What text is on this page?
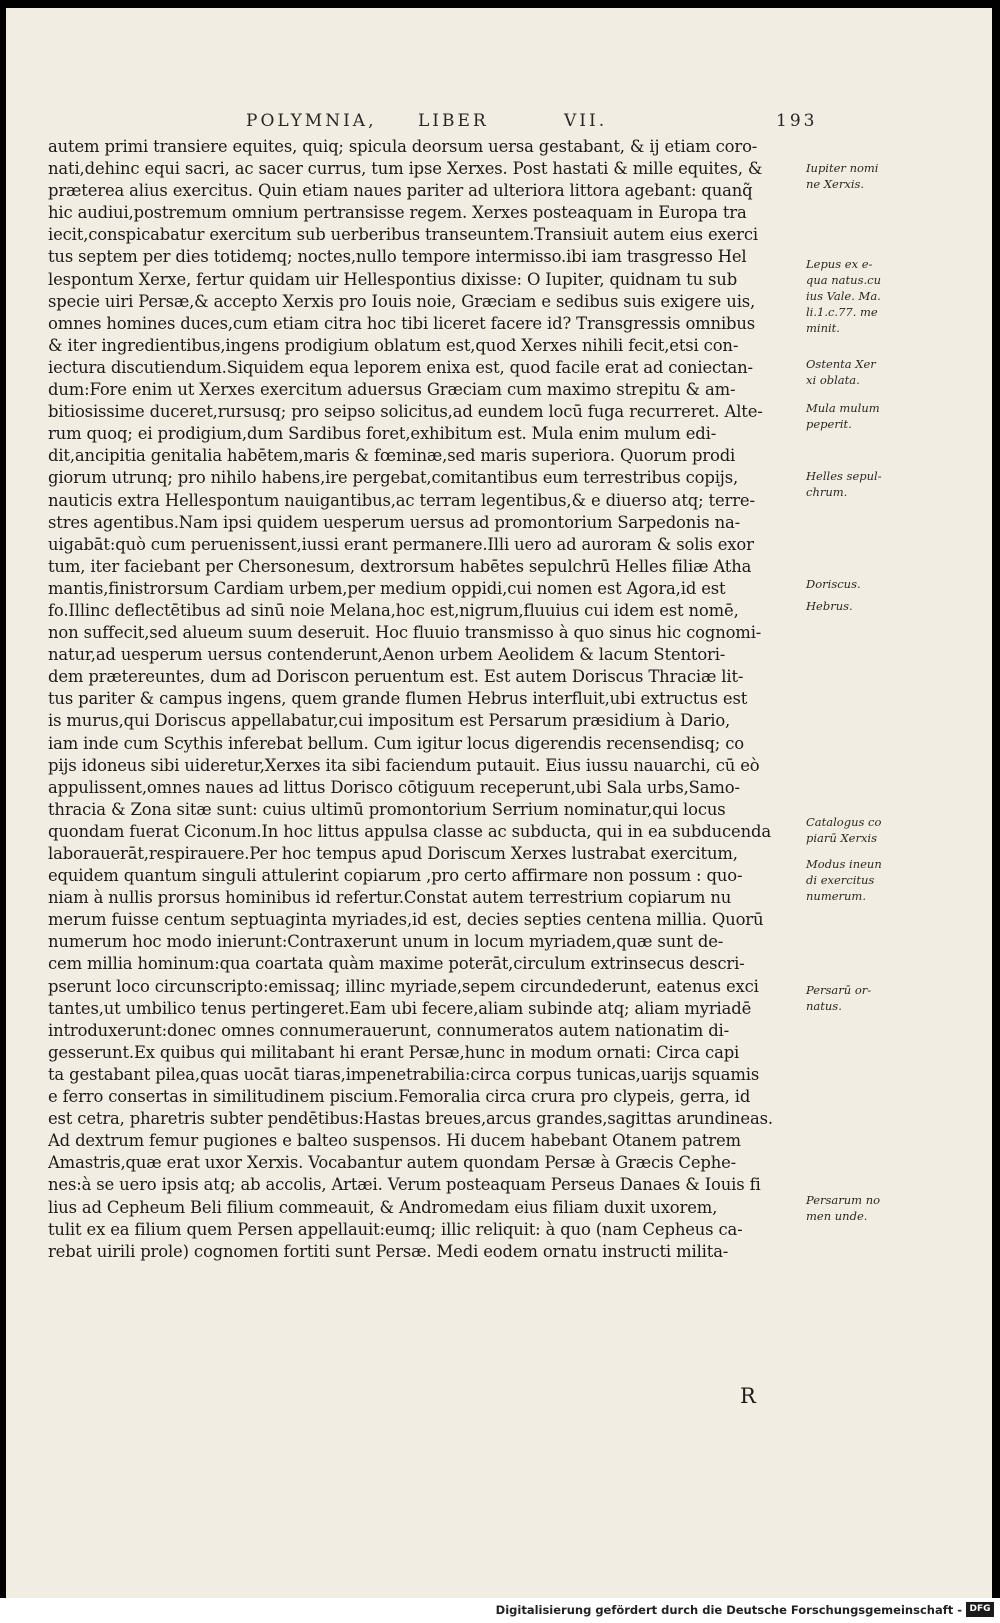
POLYMNIA, LIBER	VII.	193
autem primi transiere equites, quiq; spicula deorsum uersa gestabant, & ij etiam coro-
nati,dehinc equi sacri, ac sacer currus, tum ipse Xerxes. Post hastati & mille equites, &
præterea alius exercitus. Quin etiam naues pariter ad ulteriora littora agebant: quanq̃
hic audiui,postremum omnium pertransisse regem. Xerxes posteaquam in Europa tra
iecit,conspicabatur exercitum sub uerberibus transeuntem.Transiuit autem eius exerci
tus septem per dies totidemq; noctes,nullo tempore intermisso.ibi iam trasgresso Hel
lespontum Xerxe, fertur quidam uir Hellespontius dixisse: O Iupiter, quidnam tu sub
specie uiri Persæ,& accepto Xerxis pro Iouis noie, Græciam e sedibus suis exigere uis,
omnes homines duces,cum etiam citra hoc tibi liceret facere id? Transgressis omnibus
& iter ingredientibus,ingens prodigium oblatum est,quod Xerxes nihili fecit,etsi con-
iectura discutiendum.Siquidem equa leporem enixa est, quod facile erat ad coniectan-
dum:Fore enim ut Xerxes exercitum aduersus Græciam cum maximo strepitu & am-
bitiosissime duceret,rursusq; pro seipso solicitus,ad eundem locū fuga recurreret. Alte-
rum quoq; ei prodigium,dum Sardibus foret,exhibitum est. Mula enim mulum edi-
dit,ancipitia genitalia habētem,maris & fœminæ,sed maris superiora. Quorum prodi
giorum utrunq; pro nihilo habens,ire pergebat,comitantibus eum terrestribus copijs,
nauticis extra Hellespontum nauigantibus,ac terram legentibus,& e diuerso atq; terre-
stres agentibus.Nam ipsi quidem uesperum uersus ad promontorium Sarpedonis na-
uigabāt:quò cum peruenissent,iussi erant permanere.Illi uero ad auroram & solis exor
tum, iter faciebant per Chersonesum, dextrorsum habētes sepulchrū Helles filiæ Atha
mantis,finistrorsum Cardiam urbem,per medium oppidi,cui nomen est Agora,id est
fo.Illinc deflectētibus ad sinū noie Melana,hoc est,nigrum,fluuius cui idem est nomē,
non suffecit,sed alueum suum deseruit. Hoc fluuio transmisso à quo sinus hic cognomi-
natur,ad uesperum uersus contenderunt,Aenon urbem Aeolidem & lacum Stentori-
dem prætereuntes, dum ad Doriscon peruentum est. Est autem Doriscus Thraciæ lit-
tus pariter & campus ingens, quem grande flumen Hebrus interfluit,ubi extructus est
is murus,qui Doriscus appellabatur,cui impositum est Persarum præsidium à Dario,
iam inde cum Scythis inferebat bellum. Cum igitur locus digerendis recensendisq; co
pijs idoneus sibi uideretur,Xerxes ita sibi faciendum putauit. Eius iussu nauarchi, cū eò
appulissent,omnes naues ad littus Dorisco cōtiguum receperunt,ubi Sala urbs,Samo-
thracia & Zona sitæ sunt: cuius ultimū promontorium Serrium nominatur,qui locus
quondam fuerat Ciconum.In hoc littus appulsa classe ac subducta, qui in ea subducenda
laborauerāt,respirauere.Per hoc tempus apud Doriscum Xerxes lustrabat exercitum,
equidem quantum singuli attulerint copiarum ,pro certo affirmare non possum : quo-
niam à nullis prorsus hominibus id refertur.Constat autem terrestrium copiarum nu
merum fuisse centum septuaginta myriades,id est, decies septies centena millia. Quorū
numerum hoc modo inierunt:Contraxerunt unum in locum myriadem,quæ sunt de-
cem millia hominum:qua coartata quàm maxime poterāt,circulum extrinsecus descri-
pserunt loco circunscripto:emissaq; illinc myriade,sepem circundederunt, eatenus exci
tantes,ut umbilico tenus pertingeret.Eam ubi fecere,aliam subinde atq; aliam myriadē
introduxerunt:donec omnes connumerauerunt, connumeratos autem nationatim di-
gesserunt.Ex quibus qui militabant hi erant Persæ,hunc in modum ornati: Circa capi
ta gestabant pilea,quas uocāt tiaras,impenetrabilia:circa corpus tunicas,uarijs squamis
e ferro consertas in similitudinem piscium.Femoralia circa crura pro clypeis, gerra, id
est cetra, pharetris subter pendētibus:Hastas breues,arcus grandes,sagittas arundineas.
Ad dextrum femur pugiones e balteo suspensos. Hi ducem habebant Otanem patrem
Amastris,quæ erat uxor Xerxis. Vocabantur autem quondam Persæ à Græcis Cephe-
nes:à se uero ipsis atq; ab accolis, Artæi. Verum posteaquam Perseus Danaes & Iouis fi
lius ad Cepheum Beli filium commeauit, & Andromedam eius filiam duxit uxorem,
tulit ex ea filium quem Persen appellauit:eumq; illic reliquit: à quo (nam Cepheus ca-
rebat uirili prole) cognomen fortiti sunt Persæ. Medi eodem ornatu instructi milita-
Iupiter nomi
ne Xerxis.
Lepus ex e-
qua natus.cu
ius Vale. Ma.
li.1.c.77. me
minit.
Ostenta Xer
xi oblata.
Mula mulum
peperit.
Helles sepul-
chrum.
Doriscus.
Hebrus.
Catalogus co
piarū Xerxis
Modus ineun
di exercitus
numerum.
Persarū or-
natus.
Persarum no
men unde.
R
Digitalisierung gefördert durch die Deutsche Forschungsgemeinschaft - DFG
